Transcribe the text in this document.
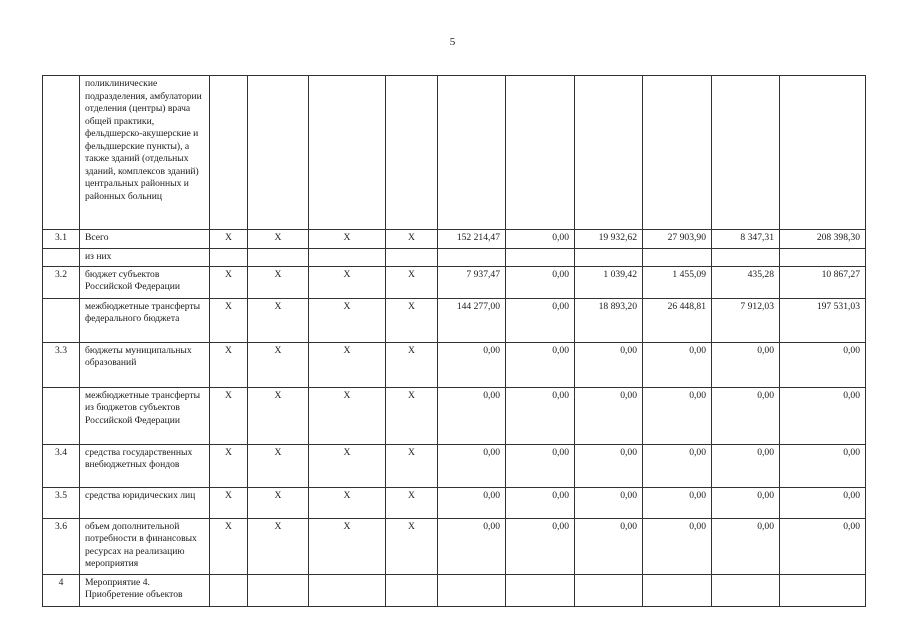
5
	поликлинические подразделения, амбулатории отделения (центры) врача общей практики, фельдшерско-акушерские и фельдшерские пункты), а также зданий (отдельных зданий, комплексов зданий) центральных районных и районных больниц										
3.1	Всего	X	X	X	X	152 214,47	0,00	19 932,62	27 903,90	8 347,31	208 398,30
	из них										
3.2	бюджет субъектов Российской Федерации	X	X	X	X	7 937,47	0,00	1 039,42	1 455,09	435,28	10 867,27
	межбюджетные трансферты федерального бюджета	X	X	X	X	144 277,00	0,00	18 893,20	26 448,81	7 912,03	197 531,03
3.3	бюджеты муниципальных образований	X	X	X	X	0,00	0,00	0,00	0,00	0,00	0,00
	межбюджетные трансферты из бюджетов субъектов Российской Федерации	X	X	X	X	0,00	0,00	0,00	0,00	0,00	0,00
3.4	средства государственных внебюджетных фондов	X	X	X	X	0,00	0,00	0,00	0,00	0,00	0,00
3.5	средства юридических лиц	X	X	X	X	0,00	0,00	0,00	0,00	0,00	0,00
3.6	объем дополнительной потребности в финансовых ресурсах на реализацию мероприятия	X	X	X	X	0,00	0,00	0,00	0,00	0,00	0,00
4	Мероприятие 4. Приобретение объектов										
